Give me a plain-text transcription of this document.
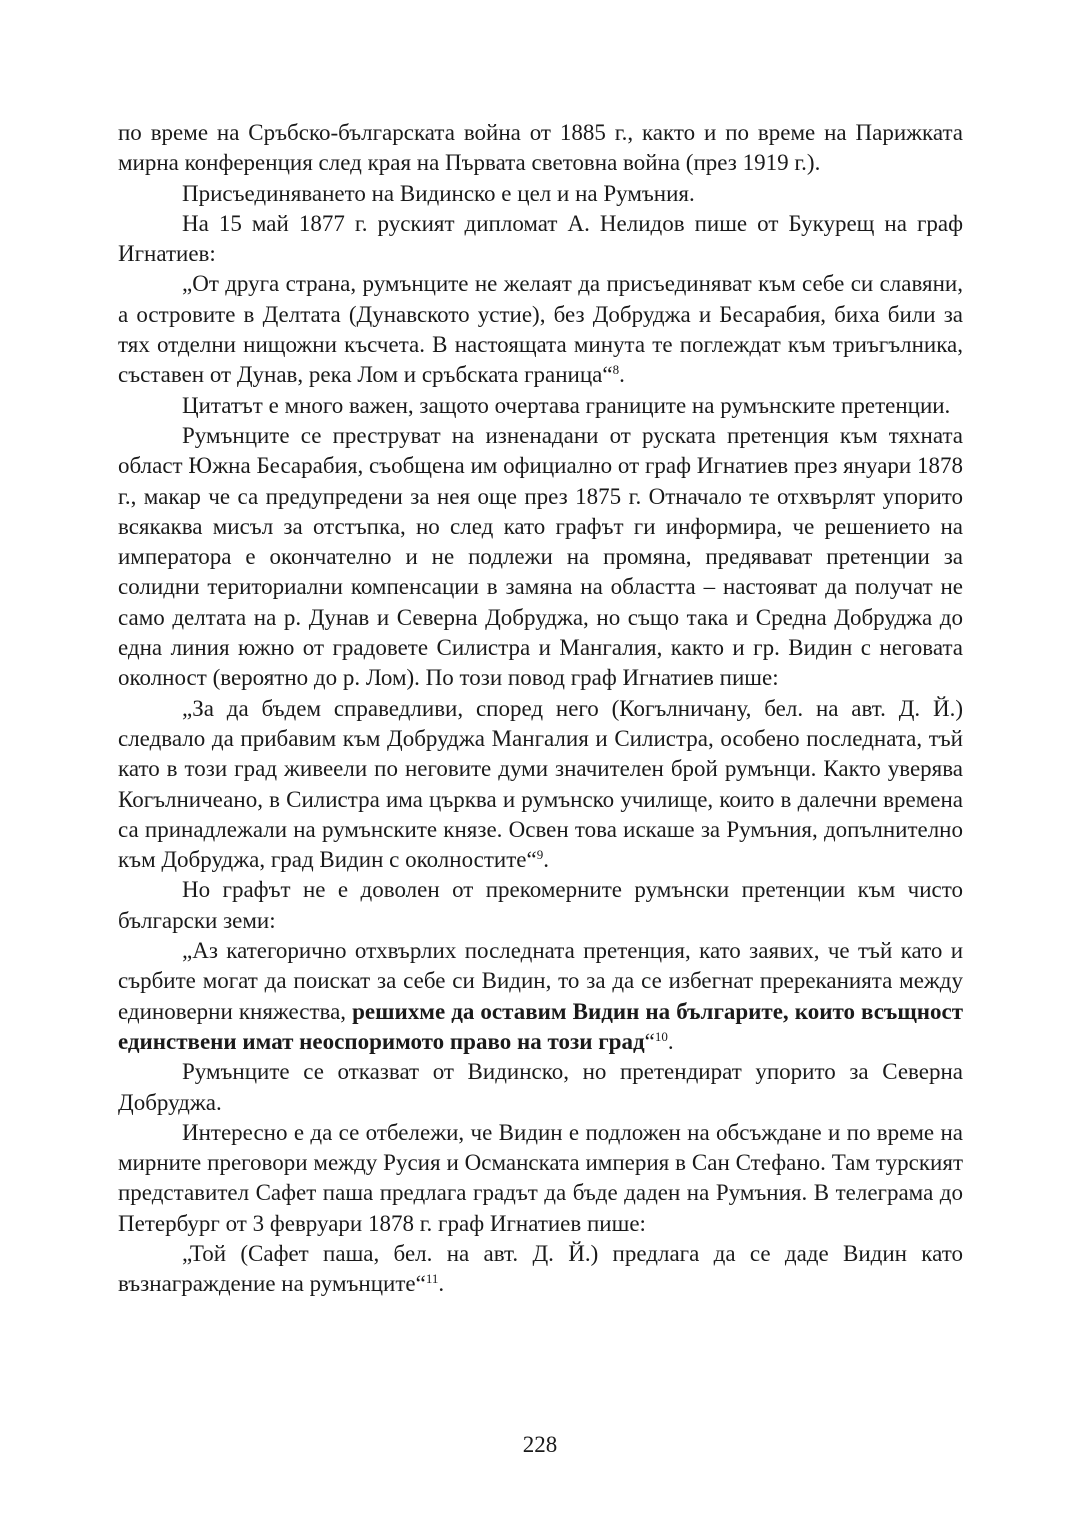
по време на Сръбско-българската война от 1885 г., както и по време на Парижката мирна конференция след края на Първата световна война (през 1919 г.).

Присъединяването на Видинско е цел и на Румъния.

На 15 май 1877 г. руският дипломат А. Нелидов пише от Букурещ на граф Игнатиев:

„От друга страна, румънците не желаят да присъединяват към себе си славяни, а островите в Делтата (Дунавското устие), без Добруджа и Бесарабия, биха били за тях отделни нищожни късчета. В настоящата минута те поглеждат към триъгълника, съставен от Дунав, река Лом и сръбската граница“$^8$.

Цитатът е много важен, защото очертава границите на румънските претенции.

Румънците се преструват на изненадани от руската претенция към тяхната област Южна Бесарабия, съобщена им официално от граф Игнатиев през януари 1878 г., макар че са предупредени за нея още през 1875 г. Отначало те отхвърлят упорито всякаква мисъл за отстъпка, но след като графът ги информира, че решението на императора е окончателно и не подлежи на промяна, предявават претенции за солидни териториални компенсации в замяна на областта – настояват да получат не само делтата на р. Дунав и Северна Добруджа, но също така и Средна Добруджа до една линия южно от градовете Силистра и Мангалия, както и гр. Видин с неговата околност (вероятно до р. Лом). По този повод граф Игнатиев пише:

„За да бъдем справедливи, според него (Когълничану, бел. на авт. Д. Й.) следвало да прибавим към Добруджа Мангалия и Силистра, особено последната, тъй като в този град живеели по неговите думи значителен брой румънци. Както уверява Когълничеано, в Силистра има църква и румънско училище, които в далечни времена са принадлежали на румънските князе. Освен това искаше за Румъния, допълнително към Добруджа, град Видин с околностите“$^9$.

Но графът не е доволен от прекомерните румънски претенции към чисто български земи:

„Аз категорично отхвърлих последната претенция, като заявих, че тъй като и сърбите могат да поискат за себе си Видин, то за да се избегнат пререканията между единоверни княжества, решихме да оставим Видин на българите, които всъщност единствени имат неоспоримото право на този град“$^{10}$.

Румънците се отказват от Видинско, но претендират упорито за Северна Добруджа.

Интересно е да се отбележи, че Видин е подложен на обсъждане и по време на мирните преговори между Русия и Османската империя в Сан Стефано. Там турският представител Сафет паша предлага градът да бъде даден на Румъния. В телеграма до Петербург от 3 февруари 1878 г. граф Игнатиев пише:

„Той (Сафет паша, бел. на авт. Д. Й.) предлага да се даде Видин като възнаграждение на румънците“$^{11}$.

228
